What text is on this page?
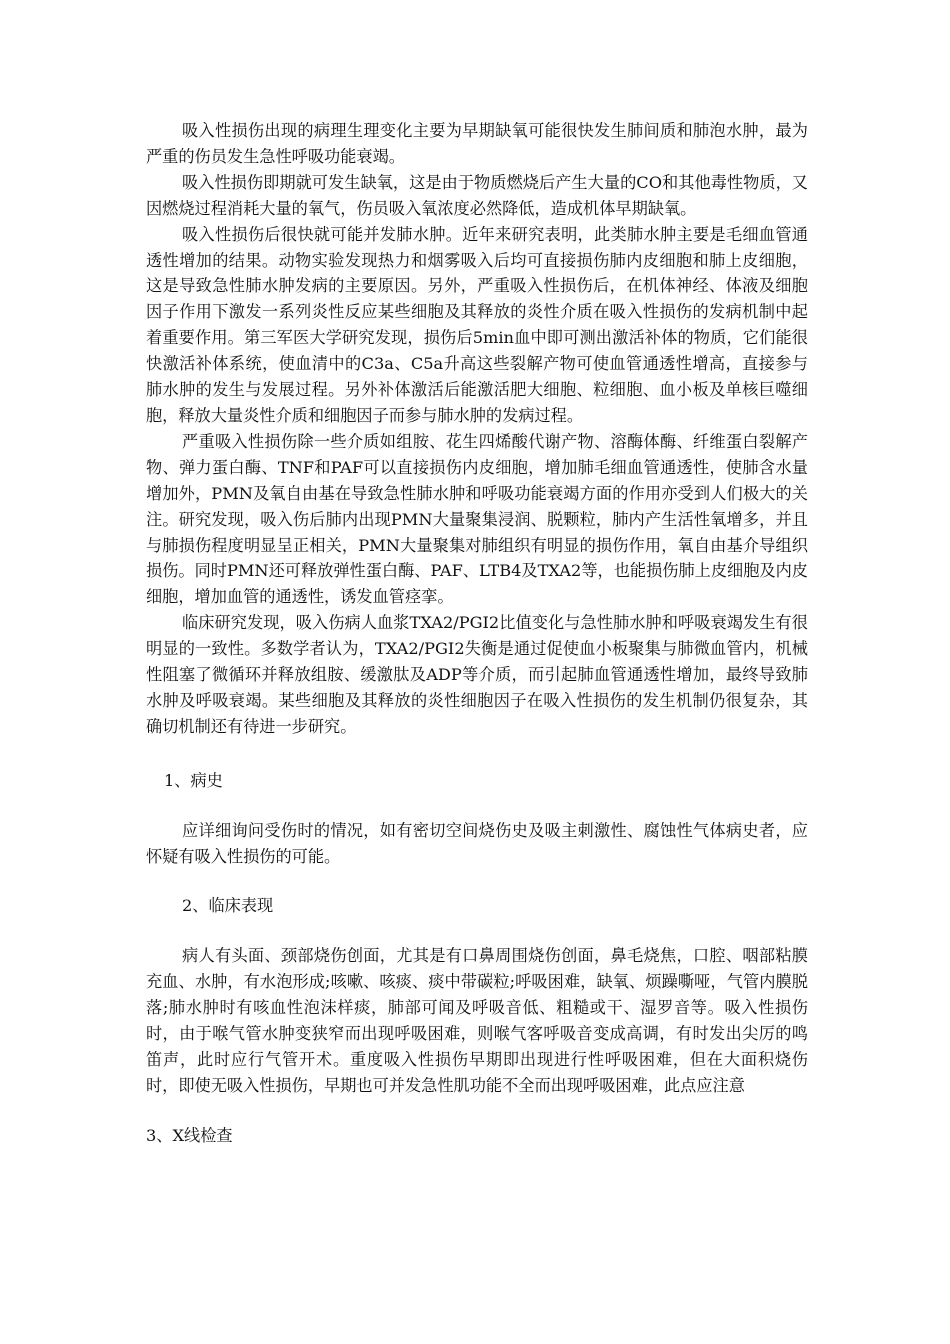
吸入性损伤出现的病理生理变化主要为早期缺氧可能很快发生肺间质和肺泡水肿，最为严重的伤员发生急性呼吸功能衰竭。

吸入性损伤即期就可发生缺氧，这是由于物质燃烧后产生大量的CO和其他毒性物质，又因燃烧过程消耗大量的氧气，伤员吸入氧浓度必然降低，造成机体早期缺氧。

吸入性损伤后很快就可能并发肺水肿。近年来研究表明，此类肺水肿主要是毛细血管通透性增加的结果。动物实验发现热力和烟雾吸入后均可直接损伤肺内皮细胞和肺上皮细胞，这是导致急性肺水肿发病的主要原因。另外，严重吸入性损伤后，在机体神经、体液及细胞因子作用下激发一系列炎性反应某些细胞及其释放的炎性介质在吸入性损伤的发病机制中起着重要作用。第三军医大学研究发现，损伤后5min血中即可测出激活补体的物质，它们能很快激活补体系统，使血清中的C3a、C5a升高这些裂解产物可使血管通透性增高，直接参与肺水肿的发生与发展过程。另外补体激活后能激活肥大细胞、粒细胞、血小板及单核巨噬细胞，释放大量炎性介质和细胞因子而参与肺水肿的发病过程。

严重吸入性损伤除一些介质如组胺、花生四烯酸代谢产物、溶酶体酶、纤维蛋白裂解产物、弹力蛋白酶、TNF和PAF可以直接损伤内皮细胞，增加肺毛细血管通透性，使肺含水量增加外，PMN及氧自由基在导致急性肺水肿和呼吸功能衰竭方面的作用亦受到人们极大的关注。研究发现，吸入伤后肺内出现PMN大量聚集浸润、脱颗粒，肺内产生活性氧增多，并且与肺损伤程度明显呈正相关，PMN大量聚集对肺组织有明显的损伤作用，氧自由基介导组织损伤。同时PMN还可释放弹性蛋白酶、PAF、LTB4及TXA2等，也能损伤肺上皮细胞及内皮细胞，增加血管的通透性，诱发血管痉挛。

临床研究发现，吸入伤病人血浆TXA2/PGI2比值变化与急性肺水肿和呼吸衰竭发生有很明显的一致性。多数学者认为，TXA2/PGI2失衡是通过促使血小板聚集与肺微血管内，机械性阻塞了微循环并释放组胺、缓激肽及ADP等介质，而引起肺血管通透性增加，最终导致肺水肿及呼吸衰竭。某些细胞及其释放的炎性细胞因子在吸入性损伤的发生机制仍很复杂，其确切机制还有待进一步研究。

1、病史

应详细询问受伤时的情况，如有密切空间烧伤史及吸主刺激性、腐蚀性气体病史者，应怀疑有吸入性损伤的可能。

2、临床表现

病人有头面、颈部烧伤创面，尤其是有口鼻周围烧伤创面，鼻毛烧焦，口腔、咽部粘膜充血、水肿，有水泡形成;咳嗽、咳痰、痰中带碳粒;呼吸困难，缺氧、烦躁嘶哑，气管内膜脱落;肺水肿时有咳血性泡沫样痰，肺部可闻及呼吸音低、粗糙或干、湿罗音等。吸入性损伤时，由于喉气管水肿变狭窄而出现呼吸困难，则喉气客呼吸音变成高调，有时发出尖厉的鸣笛声，此时应行气管开术。重度吸入性损伤早期即出现进行性呼吸困难，但在大面积烧伤时，即使无吸入性损伤，早期也可并发急性肌功能不全而出现呼吸困难，此点应注意

3、X线检查
